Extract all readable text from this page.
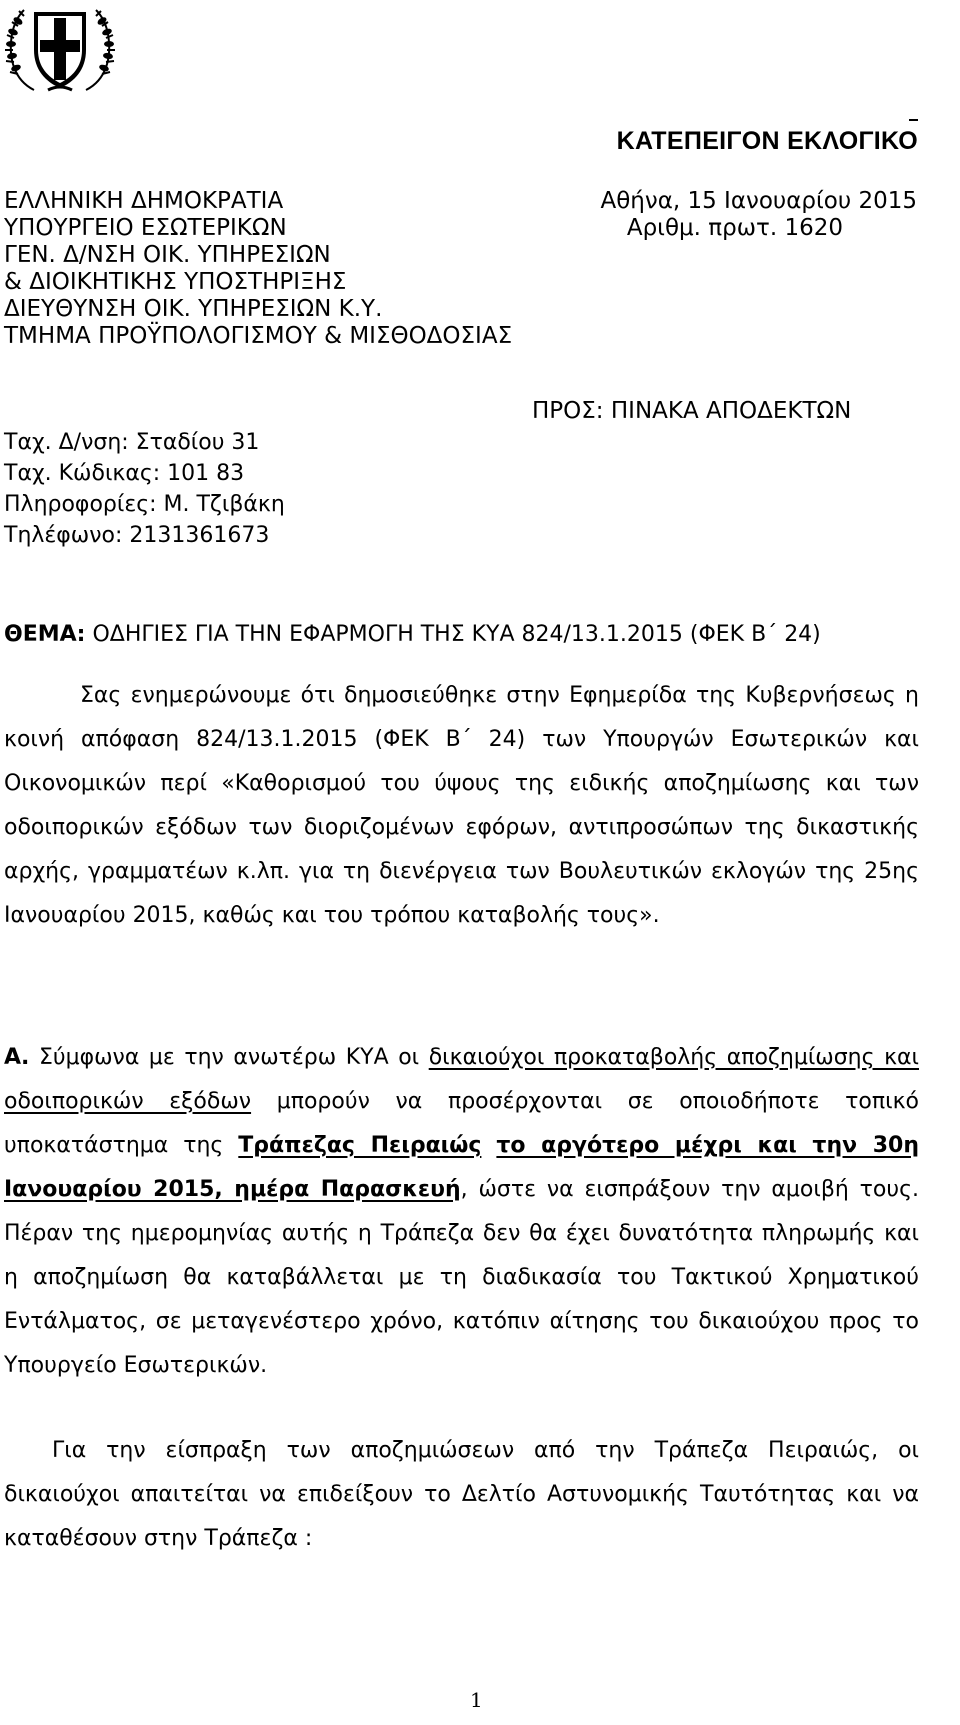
ΚΑΤΕΠΕΙΓΟΝ ΕΚΛΟΓΙΚΟ
ΕΛΛΗΝΙΚΗ ΔΗΜΟΚΡΑΤΙΑ
ΥΠΟΥΡΓΕΙΟ ΕΣΩΤΕΡΙΚΩΝ
ΓΕΝ. Δ/ΝΣΗ ΟΙΚ. ΥΠΗΡΕΣΙΩΝ
& ΔΙΟΙΚΗΤΙΚΗΣ ΥΠΟΣΤΗΡΙΞΗΣ
ΔΙΕΥΘΥΝΣΗ ΟΙΚ. ΥΠΗΡΕΣΙΩΝ Κ.Υ.
ΤΜΗΜΑ ΠΡΟΫΠΟΛΟΓΙΣΜΟΥ & ΜΙΣΘΟΔΟΣΙΑΣ
Αθήνα, 15 Ιανουαρίου 2015
Αριθμ. πρωτ. 1620
ΠΡΟΣ: ΠΙΝΑΚΑ ΑΠΟΔΕΚΤΩΝ
Ταχ. Δ/νση: Σταδίου 31
Ταχ. Κώδικας: 101 83
Πληροφορίες: Μ. Τζιβάκη
Τηλέφωνο: 2131361673
ΘΕΜΑ: ΟΔΗΓΙΕΣ ΓΙΑ ΤΗΝ ΕΦΑΡΜΟΓΗ ΤΗΣ ΚΥΑ 824/13.1.2015 (ΦΕΚ Β΄ 24)

Σας ενημερώνουμε ότι δημοσιεύθηκε στην Εφημερίδα της Κυβερνήσεως η κοινή απόφαση 824/13.1.2015 (ΦΕΚ Β΄ 24) των Υπουργών Εσωτερικών και Οικονομικών περί «Καθορισμού του ύψους της ειδικής αποζημίωσης και των οδοιπορικών εξόδων των διοριζομένων εφόρων, αντιπροσώπων της δικαστικής αρχής, γραμματέων κ.λπ. για τη διενέργεια των Βουλευτικών εκλογών της 25ης Ιανουαρίου 2015, καθώς και του τρόπου καταβολής τους».

Α. Σύμφωνα με την ανωτέρω ΚΥΑ οι δικαιούχοι προκαταβολής αποζημίωσης και οδοιπορικών εξόδων μπορούν να προσέρχονται σε οποιοδήποτε τοπικό υποκατάστημα της Τράπεζας Πειραιώς το αργότερο μέχρι και την 30η Ιανουαρίου 2015, ημέρα Παρασκευή, ώστε να εισπράξουν την αμοιβή τους. Πέραν της ημερομηνίας αυτής η Τράπεζα δεν θα έχει δυνατότητα πληρωμής και η αποζημίωση θα καταβάλλεται με τη διαδικασία του Τακτικού Χρηματικού Εντάλματος, σε μεταγενέστερο χρόνο, κατόπιν αίτησης του δικαιούχου προς το Υπουργείο Εσωτερικών.

Για την είσπραξη των αποζημιώσεων από την Τράπεζα Πειραιώς, οι δικαιούχοι απαιτείται να επιδείξουν το Δελτίο Αστυνομικής Ταυτότητας και να καταθέσουν στην Τράπεζα :

1
